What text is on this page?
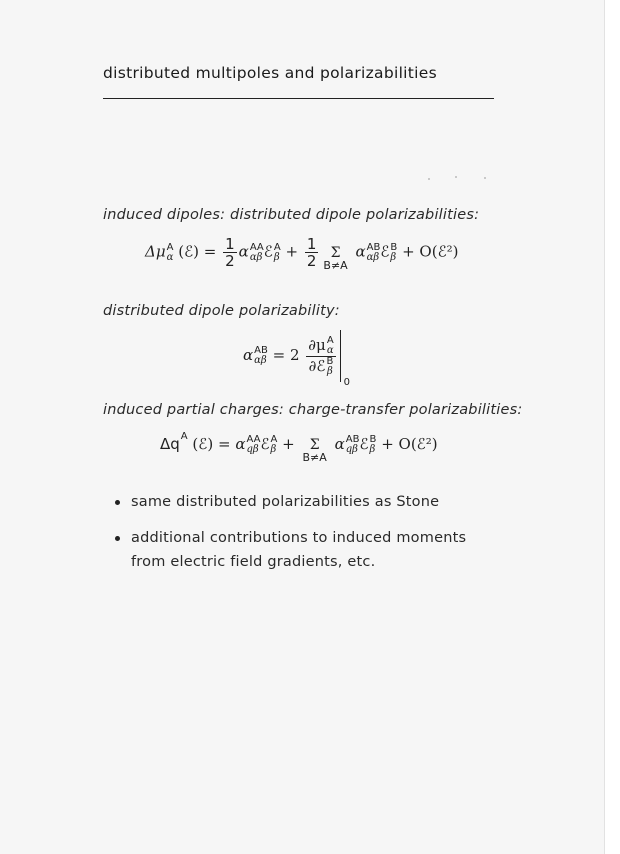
distributed multipoles and polarizabilities
induced dipoles: distributed dipole polarizabilities:
Δμ A
α (ℰ) = $\frac{1}{2}$ α AA
αβ ℰ A
$\beta + \frac{1}{2}$ Σ
B≠A
α AB
αβ ℰ B
β + O(ℰ²)
distributed dipole polarizability:
α AB
αβ = 2 ∂μ A
α
∂ℰ B
β
0
induced partial charges: charge-transfer polarizabilities:
Δq A (ℰ) = α AA
qβ ℰ A
β +	Σ
B≠A
α AB
qβ ℰ B
β + O(ℰ²)
same distributed polarizabilities as Stone
additional contributions to induced moments from electric field gradients, etc.
